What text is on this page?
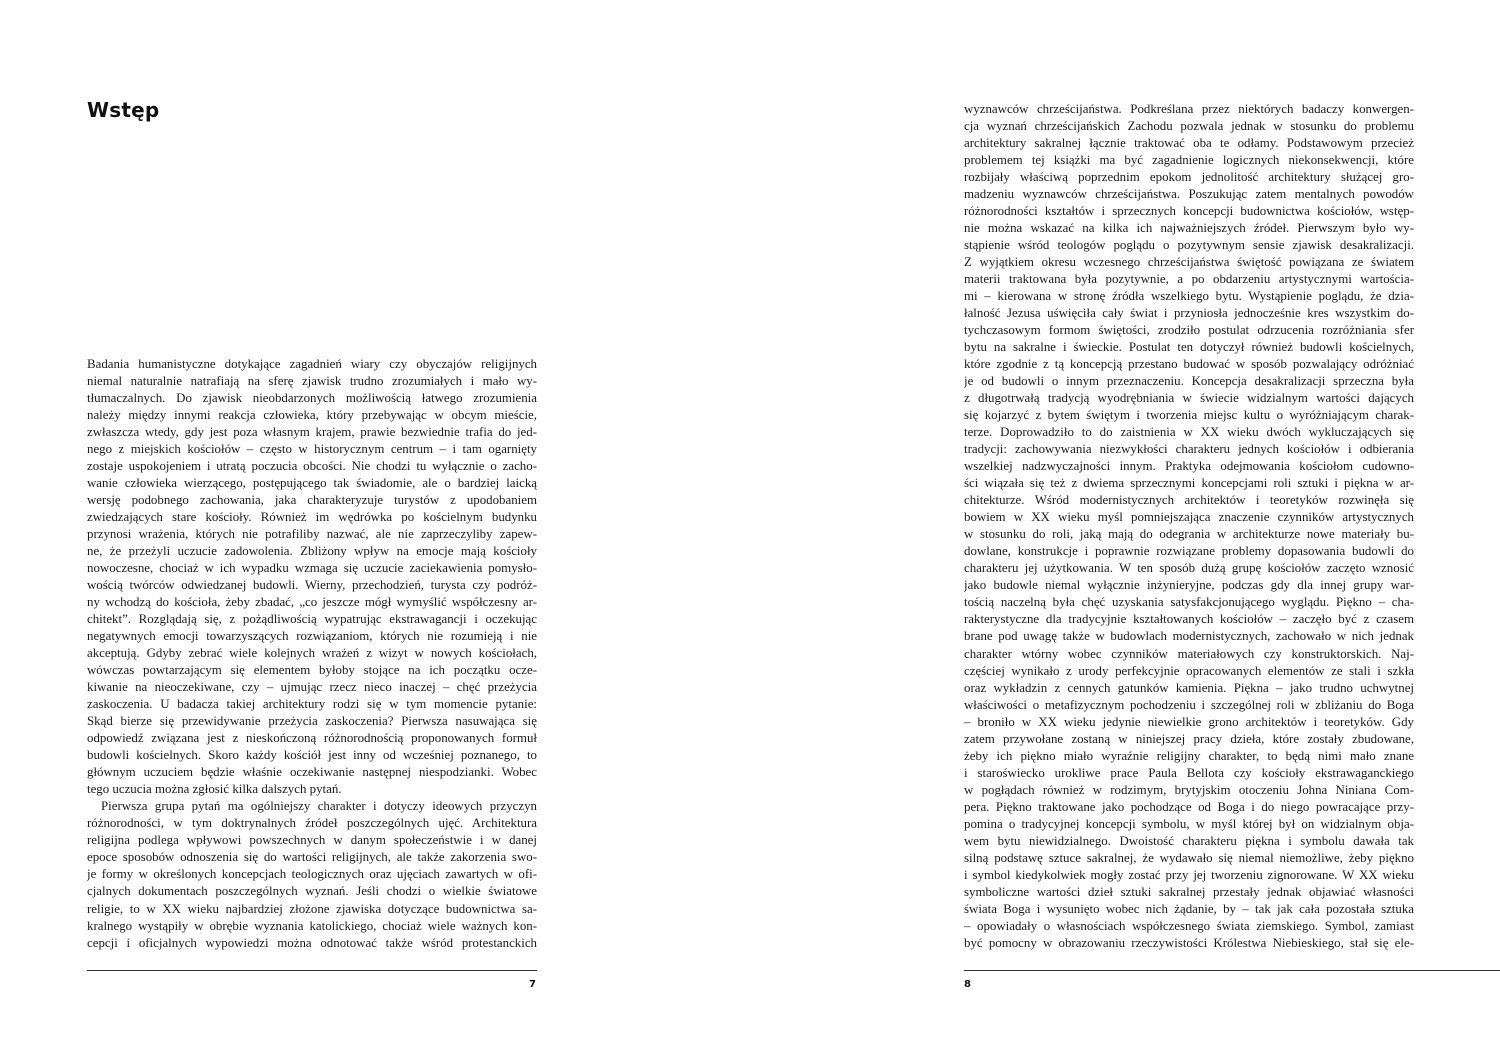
Wstęp

Badania humanistyczne dotykające zagadnień wiary czy obyczajów religijnych
niemal naturalnie natrafiają na sferę zjawisk trudno zrozumiałych i mało wy-
tłumaczalnych. Do zjawisk nieobdarzonych możliwością łatwego zrozumienia
należy między innymi reakcja człowieka, który przebywając w obcym mieście,
zwłaszcza wtedy, gdy jest poza własnym krajem, prawie bezwiednie trafia do jed-
nego z miejskich kościołów – często w historycznym centrum – i tam ogarnięty
zostaje uspokojeniem i utratą poczucia obcości. Nie chodzi tu wyłącznie o zacho-
wanie człowieka wierzącego, postępującego tak świadomie, ale o bardziej laicką
wersję podobnego zachowania, jaka charakteryzuje turystów z upodobaniem
zwiedzających stare kościoły. Również im wędrówka po kościelnym budynku
przynosi wrażenia, których nie potrafiliby nazwać, ale nie zaprzeczyliby zapew-
ne, że przeżyli uczucie zadowolenia. Zbliżony wpływ na emocje mają kościoły
nowoczesne, chociaż w ich wypadku wzmaga się uczucie zaciekawienia pomysło-
wością twórców odwiedzanej budowli. Wierny, przechodzień, turysta czy podróż-
ny wchodzą do kościoła, żeby zbadać, „co jeszcze mógł wymyślić współczesny ar-
chitekt”. Rozglądają się, z pożądliwością wypatrując ekstrawagancji i oczekując
negatywnych emocji towarzyszących rozwiązaniom, których nie rozumieją i nie
akceptują. Gdyby zebrać wiele kolejnych wrażeń z wizyt w nowych kościołach,
wówczas powtarzającym się elementem byłoby stojące na ich początku ocze-
kiwanie na nieoczekiwane, czy – ujmując rzecz nieco inaczej – chęć przeżycia
zaskoczenia. U badacza takiej architektury rodzi się w tym momencie pytanie:
Skąd bierze się przewidywanie przeżycia zaskoczenia? Pierwsza nasuwająca się
odpowiedź związana jest z nieskończoną różnorodnością proponowanych formuł
budowli kościelnych. Skoro każdy kościół jest inny od wcześniej poznanego, to
głównym uczuciem będzie właśnie oczekiwanie następnej niespodzianki. Wobec
tego uczucia można zgłosić kilka dalszych pytań.

Pierwsza grupa pytań ma ogólniejszy charakter i dotyczy ideowych przyczyn
różnorodności, w tym doktrynalnych źródeł poszczególnych ujęć. Architektura
religijna podlega wpływowi powszechnych w danym społeczeństwie i w danej
epoce sposobów odnoszenia się do wartości religijnych, ale także zakorzenia swo-
je formy w określonych koncepcjach teologicznych oraz ujęciach zawartych w ofi-
cjalnych dokumentach poszczególnych wyznań. Jeśli chodzi o wielkie światowe
religie, to w XX wieku najbardziej złożone zjawiska dotyczące budownictwa sa-
kralnego wystąpiły w obrębie wyznania katolickiego, chociaż wiele ważnych kon-
cepcji i oficjalnych wypowiedzi można odnotować także wśród protestanckich

7

wyznawców chrześcijaństwa. Podkreślana przez niektórych badaczy konwergen-
cja wyznań chrześcijańskich Zachodu pozwala jednak w stosunku do problemu
architektury sakralnej łącznie traktować oba te odłamy. Podstawowym przecież
problemem tej książki ma być zagadnienie logicznych niekonsekwencji, które
rozbijały właściwą poprzednim epokom jednolitość architektury służącej gro-
madzeniu wyznawców chrześcijaństwa. Poszukując zatem mentalnych powodów
różnorodności kształtów i sprzecznych koncepcji budownictwa kościołów, wstęp-
nie można wskazać na kilka ich najważniejszych źródeł. Pierwszym było wy-
stąpienie wśród teologów poglądu o pozytywnym sensie zjawisk desakralizacji.
Z wyjątkiem okresu wczesnego chrześcijaństwa świętość powiązana ze światem
materii traktowana była pozytywnie, a po obdarzeniu artystycznymi wartościa-
mi – kierowana w stronę źródła wszelkiego bytu. Wystąpienie poglądu, że dzia-
łalność Jezusa uświęciła cały świat i przyniosła jednocześnie kres wszystkim do-
tychczasowym formom świętości, zrodziło postulat odrzucenia rozróżniania sfer
bytu na sakralne i świeckie. Postulat ten dotyczył również budowli kościelnych,
które zgodnie z tą koncepcją przestano budować w sposób pozwalający odróżniać
je od budowli o innym przeznaczeniu. Koncepcja desakralizacji sprzeczna była
z długotrwałą tradycją wyodrębniania w świecie widzialnym wartości dających
się kojarzyć z bytem świętym i tworzenia miejsc kultu o wyróżniającym charak-
terze. Doprowadziło to do zaistnienia w XX wieku dwóch wykluczających się
tradycji: zachowywania niezwykłości charakteru jednych kościołów i odbierania
wszelkiej nadzwyczajności innym. Praktyka odejmowania kościołom cudowno-
ści wiązała się też z dwiema sprzecznymi koncepcjami roli sztuki i piękna w ar-
chitekturze. Wśród modernistycznych architektów i teoretyków rozwinęła się
bowiem w XX wieku myśl pomniejszająca znaczenie czynników artystycznych
w stosunku do roli, jaką mają do odegrania w architekturze nowe materiały bu-
dowlane, konstrukcje i poprawnie rozwiązane problemy dopasowania budowli do
charakteru jej użytkowania. W ten sposób dużą grupę kościołów zaczęto wznosić
jako budowle niemal wyłącznie inżynieryjne, podczas gdy dla innej grupy war-
tością naczelną była chęć uzyskania satysfakcjonującego wyglądu. Piękno – cha-
rakterystyczne dla tradycyjnie kształtowanych kościołów – zaczęło być z czasem
brane pod uwagę także w budowlach modernistycznych, zachowało w nich jednak
charakter wtórny wobec czynników materiałowych czy konstruktorskich. Naj-
częściej wynikało z urody perfekcyjnie opracowanych elementów ze stali i szkła
oraz wykładzin z cennych gatunków kamienia. Piękna – jako trudno uchwytnej
właściwości o metafizycznym pochodzeniu i szczególnej roli w zbliżaniu do Boga
– broniło w XX wieku jedynie niewielkie grono architektów i teoretyków. Gdy
zatem przywołane zostaną w niniejszej pracy dzieła, które zostały zbudowane,
żeby ich piękno miało wyraźnie religijny charakter, to będą nimi mało znane
i staroświecko urokliwe prace Paula Bellota czy kościoły ekstrawaganckiego
w pogłądach również w rodzimym, brytyjskim otoczeniu Johna Niniana Com-
pera. Piękno traktowane jako pochodzące od Boga i do niego powracające przy-
pomina o tradycyjnej koncepcji symbolu, w myśl której był on widzialnym obja-
wem bytu niewidzialnego. Dwoistość charakteru piękna i symbolu dawała tak
silną podstawę sztuce sakralnej, że wydawało się niemal niemożliwe, żeby piękno
i symbol kiedykolwiek mogły zostać przy jej tworzeniu zignorowane. W XX wieku
symboliczne wartości dzieł sztuki sakralnej przestały jednak objawiać własności
świata Boga i wysunięto wobec nich żądanie, by – tak jak cała pozostała sztuka
– opowiadały o własnościach współczesnego świata ziemskiego. Symbol, zamiast
być pomocny w obrazowaniu rzeczywistości Królestwa Niebieskiego, stał się ele-

8
